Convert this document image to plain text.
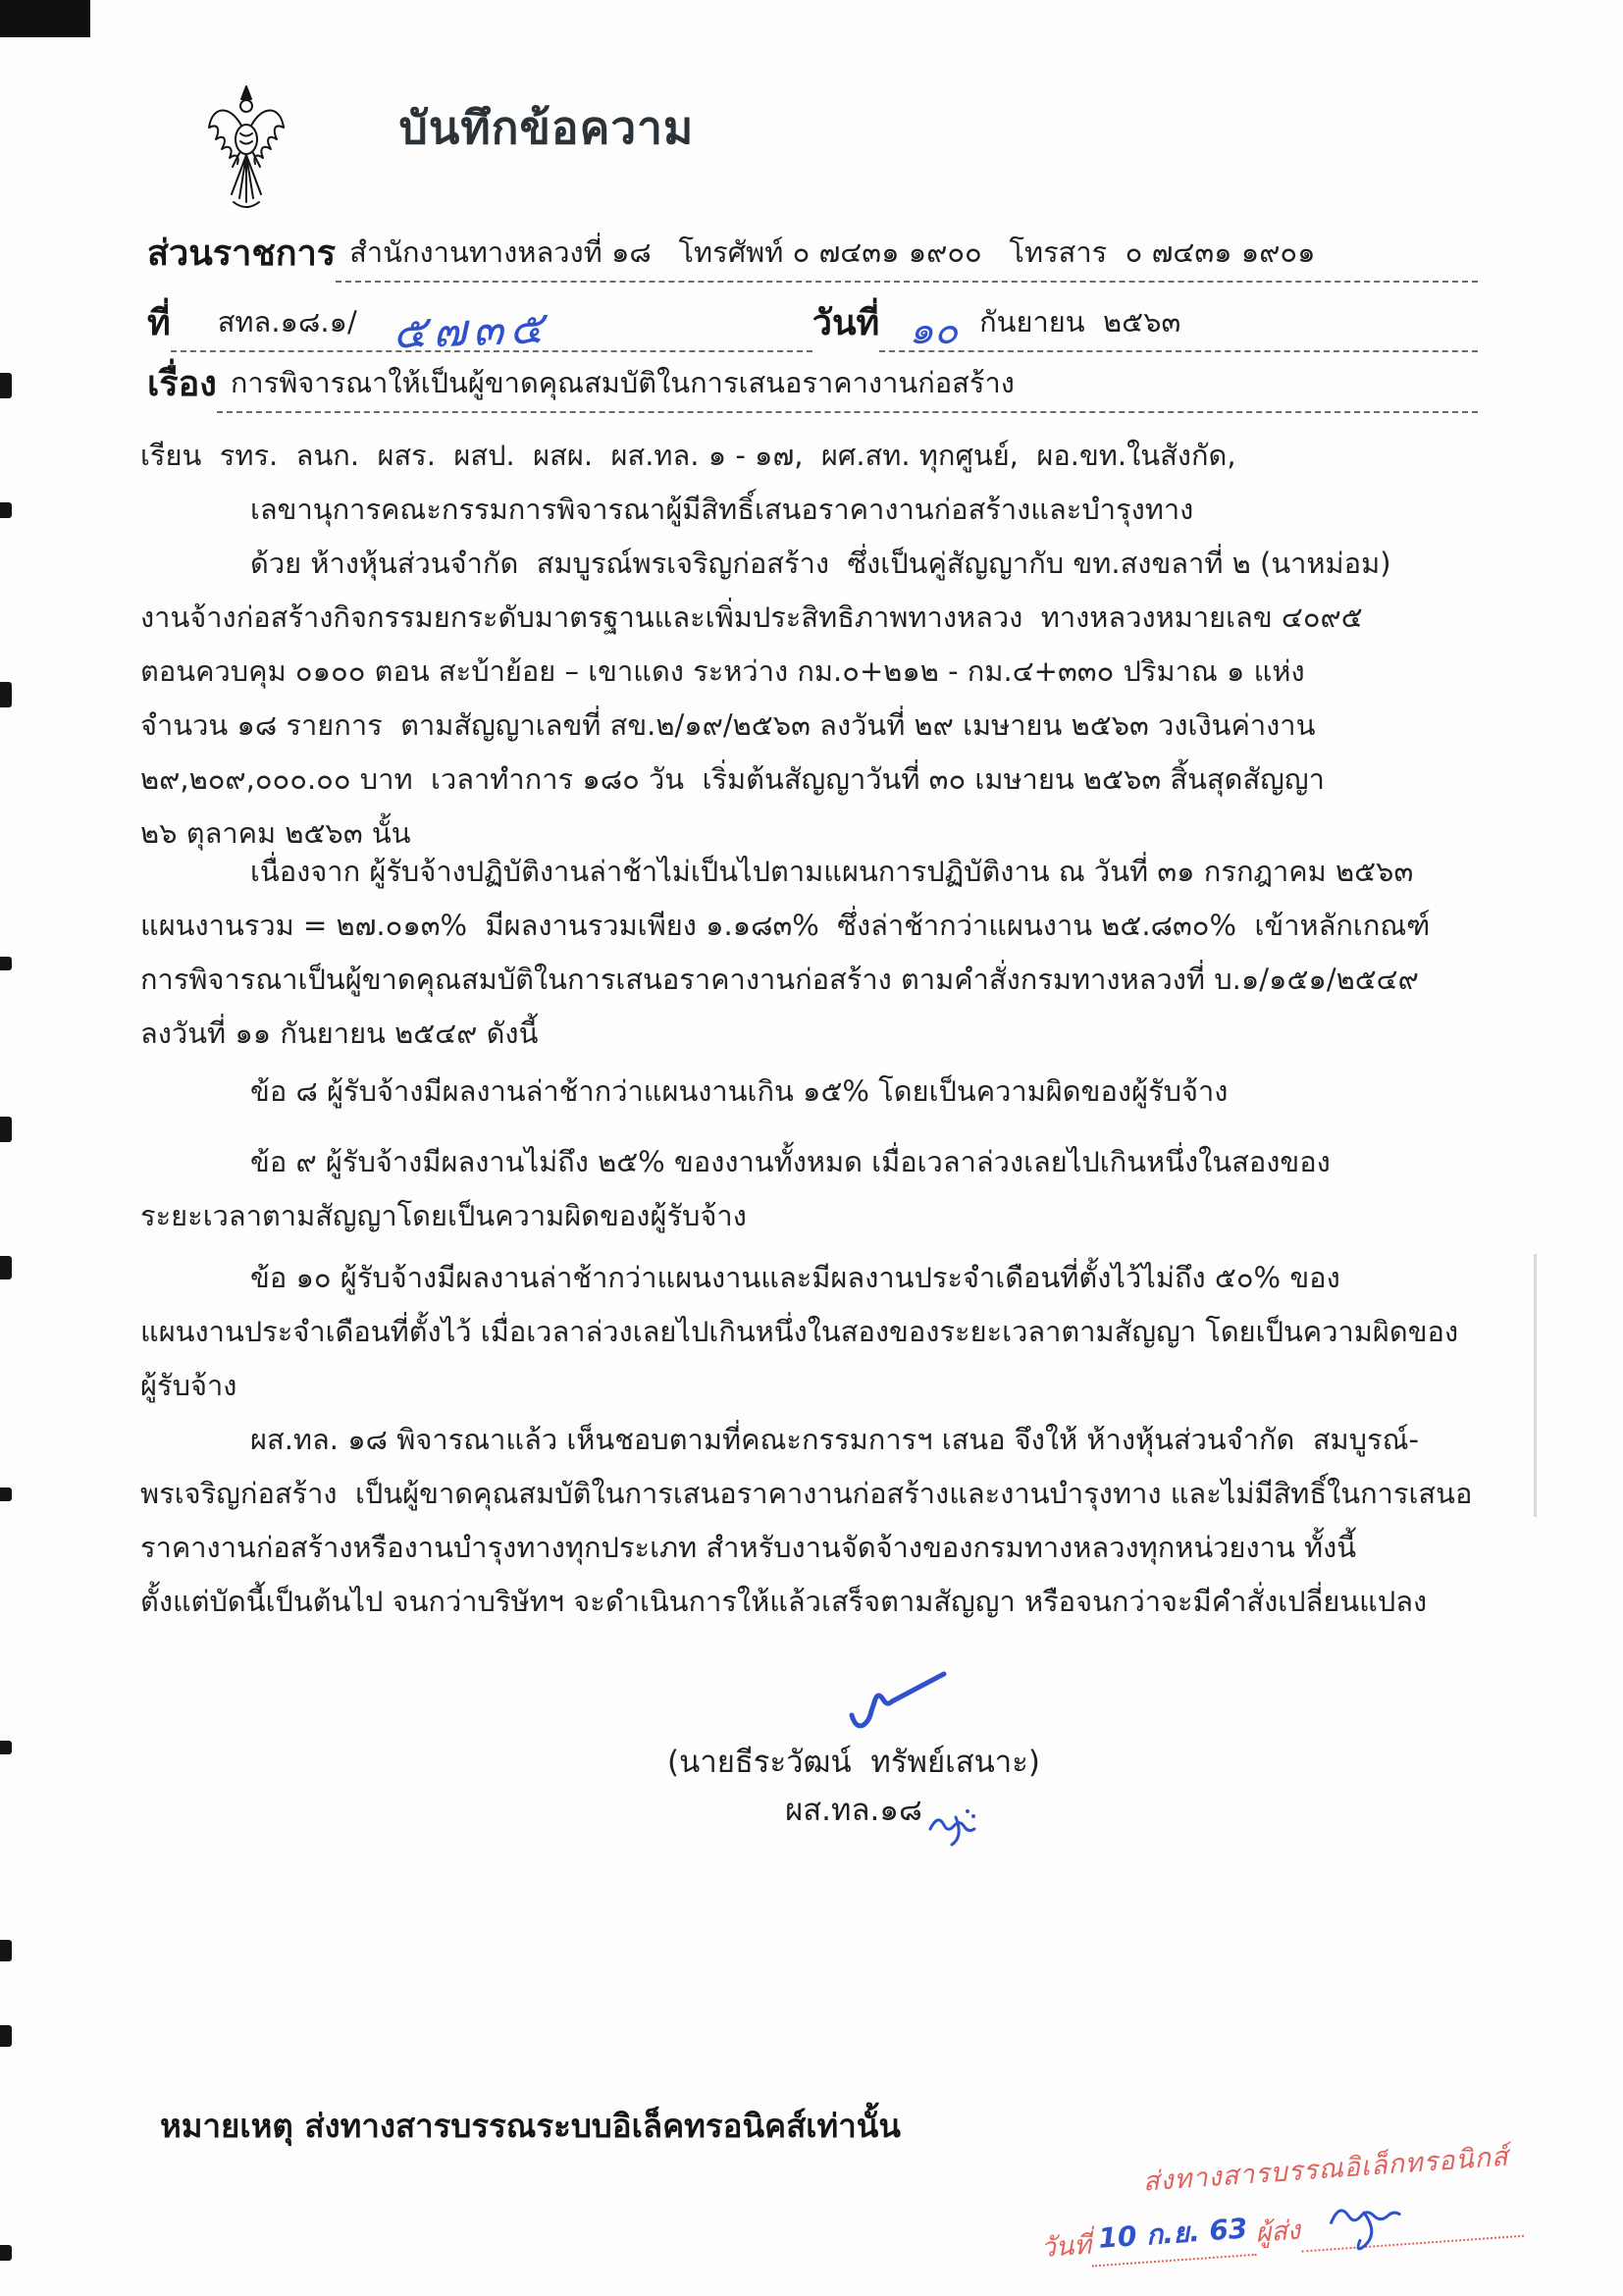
บันทึกข้อความ
ส่วนราชการ สำนักงานทางหลวงที่ ๑๘   โทรศัพท์ ๐ ๗๔๓๑ ๑๙๐๐   โทรสาร  ๐ ๗๔๓๑ ๑๙๐๑
ที่ สทล.๑๘.๑/ ๕๗๓๕	วันที่ ๑๐ กันยายน  ๒๕๖๓
เรื่อง การพิจารณาให้เป็นผู้ขาดคุณสมบัติในการเสนอราคางานก่อสร้าง
เรียน รทร.  ลนก.  ผสร.  ผสป.  ผสผ.  ผส.ทล. ๑ - ๑๗,  ผศ.สท. ทุกศูนย์,  ผอ.ขท.ในสังกัด,
เลขานุการคณะกรรมการพิจารณาผู้มีสิทธิ์เสนอราคางานก่อสร้างและบำรุงทาง
ด้วย ห้างหุ้นส่วนจำกัด  สมบูรณ์พรเจริญก่อสร้าง  ซึ่งเป็นคู่สัญญากับ ขท.สงขลาที่ ๒ (นาหม่อม)
งานจ้างก่อสร้างกิจกรรมยกระดับมาตรฐานและเพิ่มประสิทธิภาพทางหลวง  ทางหลวงหมายเลข ๔๐๙๕
ตอนควบคุม ๐๑๐๐ ตอน สะบ้าย้อย – เขาแดง ระหว่าง กม.๐+๒๑๒ - กม.๔+๓๓๐ ปริมาณ ๑ แห่ง
จำนวน ๑๘ รายการ  ตามสัญญาเลขที่ สข.๒/๑๙/๒๕๖๓ ลงวันที่ ๒๙ เมษายน ๒๕๖๓ วงเงินค่างาน
๒๙,๒๐๙,๐๐๐.๐๐ บาท  เวลาทำการ ๑๘๐ วัน  เริ่มต้นสัญญาวันที่ ๓๐ เมษายน ๒๕๖๓ สิ้นสุดสัญญา
๒๖ ตุลาคม ๒๕๖๓ นั้น
เนื่องจาก ผู้รับจ้างปฏิบัติงานล่าช้าไม่เป็นไปตามแผนการปฏิบัติงาน ณ วันที่ ๓๑ กรกฎาคม ๒๕๖๓
แผนงานรวม = ๒๗.๐๑๓%  มีผลงานรวมเพียง ๑.๑๘๓%  ซึ่งล่าช้ากว่าแผนงาน ๒๕.๘๓๐%  เข้าหลักเกณฑ์
การพิจารณาเป็นผู้ขาดคุณสมบัติในการเสนอราคางานก่อสร้าง ตามคำสั่งกรมทางหลวงที่ บ.๑/๑๕๑/๒๕๔๙
ลงวันที่ ๑๑ กันยายน ๒๕๔๙ ดังนี้
ข้อ ๘ ผู้รับจ้างมีผลงานล่าช้ากว่าแผนงานเกิน ๑๕% โดยเป็นความผิดของผู้รับจ้าง
ข้อ ๙ ผู้รับจ้างมีผลงานไม่ถึง ๒๕% ของงานทั้งหมด เมื่อเวลาล่วงเลยไปเกินหนึ่งในสองของ
ระยะเวลาตามสัญญาโดยเป็นความผิดของผู้รับจ้าง
ข้อ ๑๐ ผู้รับจ้างมีผลงานล่าช้ากว่าแผนงานและมีผลงานประจำเดือนที่ตั้งไว้ไม่ถึง ๕๐% ของ
แผนงานประจำเดือนที่ตั้งไว้ เมื่อเวลาล่วงเลยไปเกินหนึ่งในสองของระยะเวลาตามสัญญา โดยเป็นความผิดของ
ผู้รับจ้าง
ผส.ทล. ๑๘ พิจารณาแล้ว เห็นชอบตามที่คณะกรรมการฯ เสนอ จึงให้ ห้างหุ้นส่วนจำกัด  สมบูรณ์-
พรเจริญก่อสร้าง  เป็นผู้ขาดคุณสมบัติในการเสนอราคางานก่อสร้างและงานบำรุงทาง และไม่มีสิทธิ์ในการเสนอ
ราคางานก่อสร้างหรืองานบำรุงทางทุกประเภท สำหรับงานจัดจ้างของกรมทางหลวงทุกหน่วยงาน ทั้งนี้
ตั้งแต่บัดนี้เป็นต้นไป จนกว่าบริษัทฯ จะดำเนินการให้แล้วเสร็จตามสัญญา หรือจนกว่าจะมีคำสั่งเปลี่ยนแปลง
(นายธีระวัฒน์  ทรัพย์เสนาะ)
ผส.ทล.๑๘
หมายเหตุ ส่งทางสารบรรณระบบอิเล็คทรอนิคส์เท่านั้น
ส่งทางสารบรรณอิเล็กทรอนิกส์
วันที่ 10 ก.ย. 63 ผู้ส่ง
